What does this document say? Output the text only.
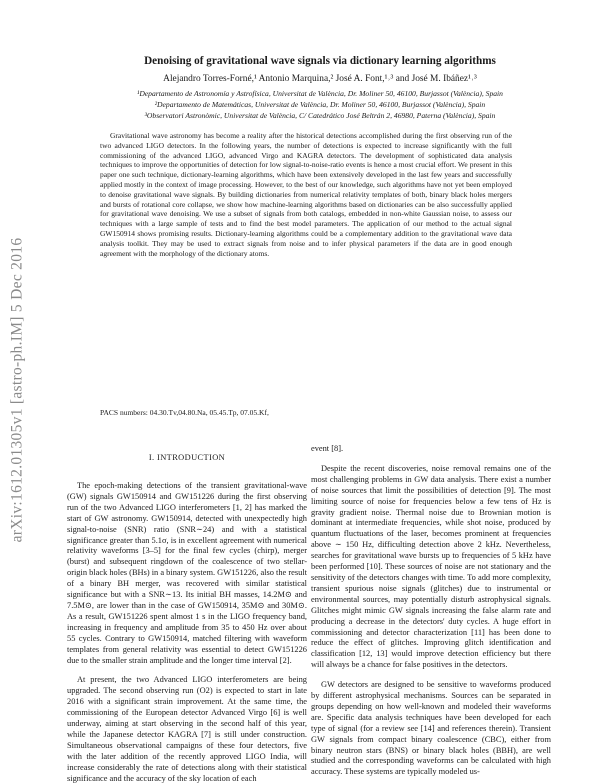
arXiv:1612.01305v1 [astro-ph.IM] 5 Dec 2016
Denoising of gravitational wave signals via dictionary learning algorithms
Alejandro Torres-Forné,¹ Antonio Marquina,² José A. Font,¹˒³ and José M. Ibáñez¹˒³
¹Departamento de Astronomía y Astrofísica, Universitat de València, Dr. Moliner 50, 46100, Burjassot (València), Spain
²Departamento de Matemáticas, Universitat de València, Dr. Moliner 50, 46100, Burjassot (València), Spain
³Observatori Astronòmic, Universitat de València, C/ Catedrático José Beltrán 2, 46980, Paterna (València), Spain

Gravitational wave astronomy has become a reality after the historical detections accomplished during the first observing run of the two advanced LIGO detectors. In the following years, the number of detections is expected to increase significantly with the full commissioning of the advanced LIGO, advanced Virgo and KAGRA detectors. The development of sophisticated data analysis techniques to improve the opportunities of detection for low signal-to-noise-ratio events is hence a most crucial effort. We present in this paper one such technique, dictionary-learning algorithms, which have been extensively developed in the last few years and successfully applied mostly in the context of image processing. However, to the best of our knowledge, such algorithms have not yet been employed to denoise gravitational wave signals. By building dictionaries from numerical relativity templates of both, binary black holes mergers and bursts of rotational core collapse, we show how machine-learning algorithms based on dictionaries can be also successfully applied for gravitational wave denoising. We use a subset of signals from both catalogs, embedded in non-white Gaussian noise, to assess our techniques with a large sample of tests and to find the best model parameters. The application of our method to the actual signal GW150914 shows promising results. Dictionary-learning algorithms could be a complementary addition to the gravitational wave data analysis toolkit. They may be used to extract signals from noise and to infer physical parameters if the data are in good enough agreement with the morphology of the dictionary atoms.

PACS numbers: 04.30.Tv,04.80.Na, 05.45.Tp, 07.05.Kf,
I. INTRODUCTION

The epoch-making detections of the transient gravitational-wave (GW) signals GW150914 and GW151226 during the first observing run of the two Advanced LIGO interferometers [1, 2] has marked the start of GW astronomy. GW150914, detected with unexpectedly high signal-to-noise (SNR) ratio (SNR∼24) and with a statistical significance greater than 5.1σ, is in excellent agreement with numerical relativity waveforms [3–5] for the final few cycles (chirp), merger (burst) and subsequent ringdown of the coalescence of two stellar-origin black holes (BHs) in a binary system. GW151226, also the result of a binary BH merger, was recovered with similar statistical significance but with a SNR∼13. Its initial BH masses, 14.2M⊙ and 7.5M⊙, are lower than in the case of GW150914, 35M⊙ and 30M⊙. As a result, GW151226 spent almost 1 s in the LIGO frequency band, increasing in frequency and amplitude from 35 to 450 Hz over about 55 cycles. Contrary to GW150914, matched filtering with waveform templates from general relativity was essential to detect GW151226 due to the smaller strain amplitude and the longer time interval [2].

At present, the two Advanced LIGO interferometers are being upgraded. The second observing run (O2) is expected to start in late 2016 with a significant strain improvement. At the same time, the commissioning of the European detector Advanced Virgo [6] is well underway, aiming at start observing in the second half of this year, while the Japanese detector KAGRA [7] is still under construction. Simultaneous observational campaigns of these four detectors, five with the later addition of the recently approved LIGO India, will increase considerably the rate of detections along with their statistical significance and the accuracy of the sky location of each

event [8].

Despite the recent discoveries, noise removal remains one of the most challenging problems in GW data analysis. There exist a number of noise sources that limit the possibilities of detection [9]. The most limiting source of noise for frequencies below a few tens of Hz is gravity gradient noise. Thermal noise due to Brownian motion is dominant at intermediate frequencies, while shot noise, produced by quantum fluctuations of the laser, becomes prominent at frequencies above ∼ 150 Hz, difficulting detection above 2 kHz. Nevertheless, searches for gravitational wave bursts up to frequencies of 5 kHz have been performed [10]. These sources of noise are not stationary and the sensitivity of the detectors changes with time. To add more complexity, transient spurious noise signals (glitches) due to instrumental or environmental sources, may potentially disturb astrophysical signals. Glitches might mimic GW signals increasing the false alarm rate and producing a decrease in the detectors' duty cycles. A huge effort in commissioning and detector characterization [11] has been done to reduce the effect of glitches. Improving glitch identification and classification [12, 13] would improve detection efficiency but there will always be a chance for false positives in the detectors.

GW detectors are designed to be sensitive to waveforms produced by different astrophysical mechanisms. Sources can be separated in groups depending on how well-known and modeled their waveforms are. Specific data analysis techniques have been developed for each type of signal (for a review see [14] and references therein). Transient GW signals from compact binary coalescence (CBC), either from binary neutron stars (BNS) or binary black holes (BBH), are well studied and the corresponding waveforms can be calculated with high accuracy. These systems are typically modeled us-
